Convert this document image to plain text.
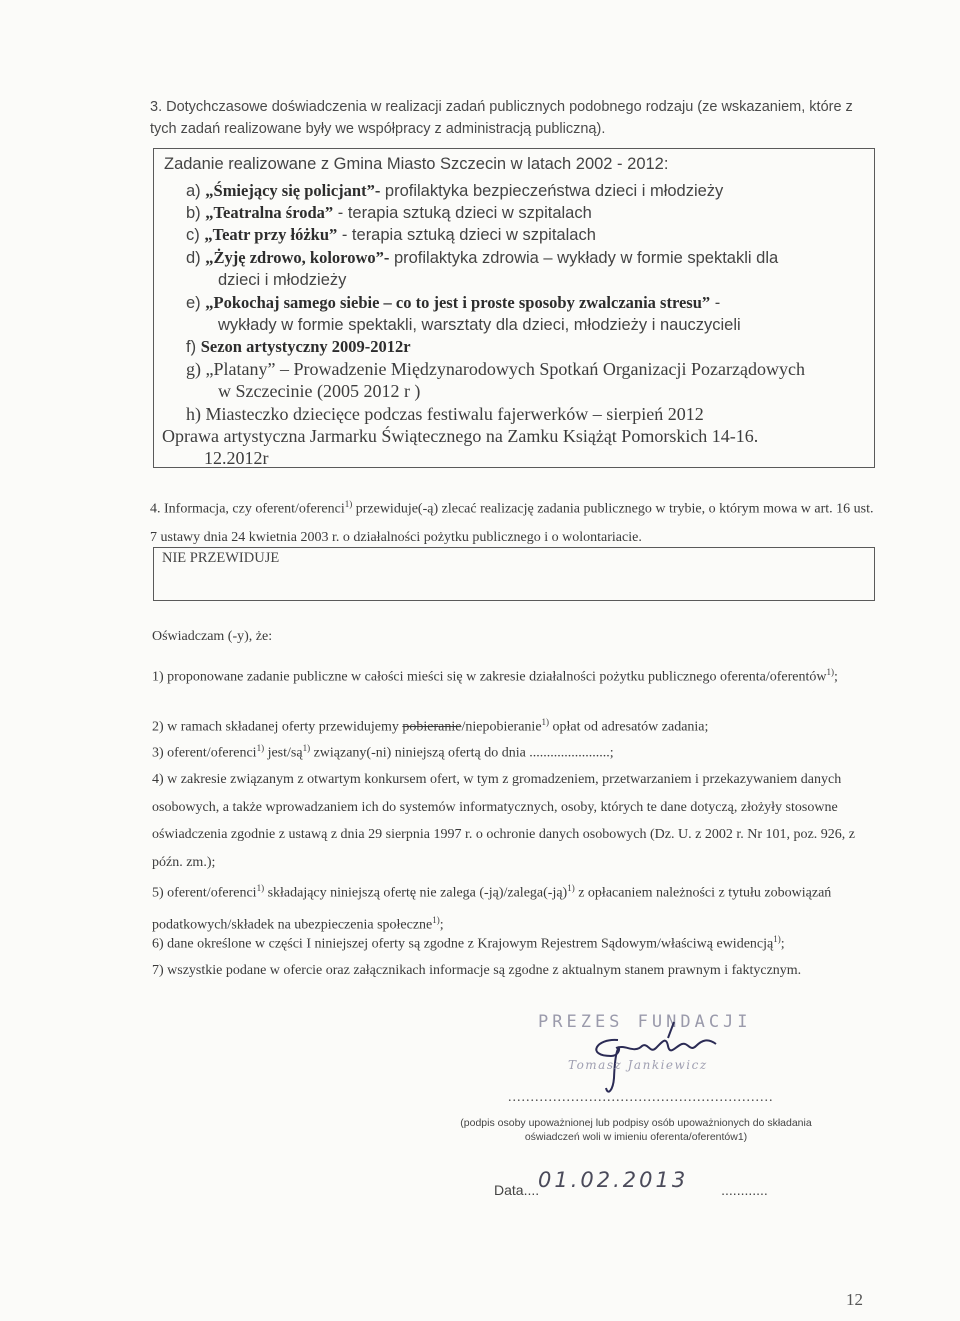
3. Dotychczasowe doświadczenia w realizacji zadań publicznych podobnego rodzaju (ze wskazaniem, które z tych zadań realizowane były we współpracy z administracją publiczną).
Zadanie realizowane z Gmina Miasto Szczecin w latach 2002 - 2012:
a) „Śmiejący się policjant”- profilaktyka bezpieczeństwa dzieci i młodzieży
b) „Teatralna środa” - terapia sztuką dzieci w szpitalach
c) „Teatr przy łóżku” - terapia sztuką dzieci w szpitalach
d) „Żyję zdrowo, kolorowo”- profilaktyka zdrowia – wykłady w formie spektakli dla
dzieci i młodzieży
e) „Pokochaj samego siebie – co to jest i proste sposoby zwalczania stresu” -
wykłady w formie spektakli, warsztaty dla dzieci, młodzieży i nauczycieli
f) Sezon artystyczny 2009-2012r
g) „Platany” – Prowadzenie Międzynarodowych Spotkań Organizacji Pozarządowych
w Szczecinie (2005 2012 r )
h) Miasteczko dziecięce podczas festiwalu fajerwerków – sierpień 2012
Oprawa artystyczna Jarmarku Świątecznego na Zamku Książąt Pomorskich 14-16.
12.2012r
4. Informacja, czy oferent/oferenci$^{1)}$ przewiduje(-ą) zlecać realizację zadania publicznego w trybie, o którym mowa w art. 16 ust. 7 ustawy dnia 24 kwietnia 2003 r. o działalności pożytku publicznego i o wolontariacie.
NIE PRZEWIDUJE
Oświadczam (-y), że:
1) proponowane zadanie publiczne w całości mieści się w zakresie działalności pożytku publicznego oferenta/oferentów$^{1)}$;
2) w ramach składanej oferty przewidujemy pobieranie/niepobieranie$^{1)}$ opłat od adresatów zadania;
3) oferent/oferenci$^{1)}$ jest/$są^{1)}$ związany(-ni) niniejszą ofertą do dnia .......................;
4) w zakresie związanym z otwartym konkursem ofert, w tym z gromadzeniem, przetwarzaniem i przekazywaniem danych osobowych, a także wprowadzaniem ich do systemów informatycznych, osoby, których te dane dotyczą, złożyły stosowne oświadczenia zgodnie z ustawą z dnia 29 sierpnia 1997 r. o ochronie danych osobowych (Dz. U. z 2002 r. Nr 101, poz. 926, z późn. zm.);
5) oferent/oferenci$^{1)}$ składający niniejszą ofertę nie zalega (-ją)/zalega(-ją)$^{1)}$ z opłacaniem należności z tytułu zobowiązań podatkowych/składek na ubezpieczenia społeczne$^{1)}$;
6) dane określone w części I niniejszej oferty są zgodne z Krajowym Rejestrem Sądowym/właściwą ewidencją$^{1)}$;
7) wszystkie podane w ofercie oraz załącznikach informacje są zgodne z aktualnym stanem prawnym i faktycznym.
PREZES FUNDACJI
Tomasz Jankiewicz
...........................................................
(podpis osoby upoważnionej lub podpisy osób upoważnionych do składania oświadczeń woli w imieniu oferenta/oferentów1)
Data....	............
01.02.2013
12
